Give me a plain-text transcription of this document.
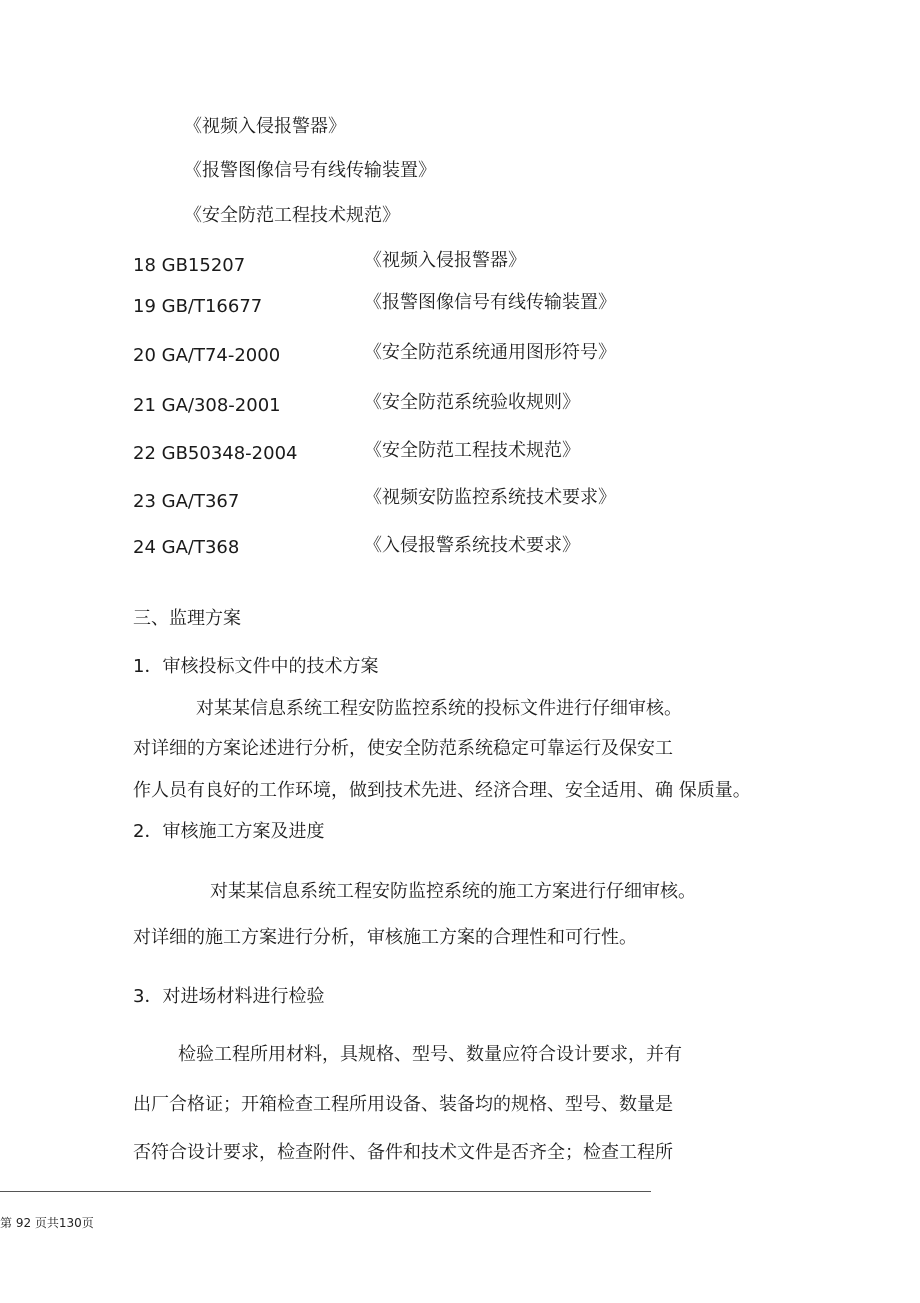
《视频入侵报警器》
《报警图像信号有线传输装置》
《安全防范工程技术规范》
18 GB15207	《视频入侵报警器》
19 GB/T16677	《报警图像信号有线传输装置》
20 GA/T74-2000	《安全防范系统通用图形符号》
21 GA/308-2001	《安全防范系统验收规则》
22 GB50348-2004	《安全防范工程技术规范》
23 GA/T367	《视频安防监控系统技术要求》
24 GA/T368	《入侵报警系统技术要求》
三、监理方案
1．审核投标文件中的技术方案
对某某信息系统工程安防监控系统的投标文件进行仔细审核。
对详细的方案论述进行分析，使安全防范系统稳定可靠运行及保安工
作人员有良好的工作环境，做到技术先进、经济合理、安全适用、确 保质量。
2．审核施工方案及进度
对某某信息系统工程安防监控系统的施工方案进行仔细审核。
对详细的施工方案进行分析，审核施工方案的合理性和可行性。
3．对进场材料进行检验
检验工程所用材料，具规格、型号、数量应符合设计要求，并有
出厂合格证；开箱检查工程所用设备、装备均的规格、型号、数量是
否符合设计要求，检查附件、备件和技术文件是否齐全；检查工程所
第 92 页共130页
